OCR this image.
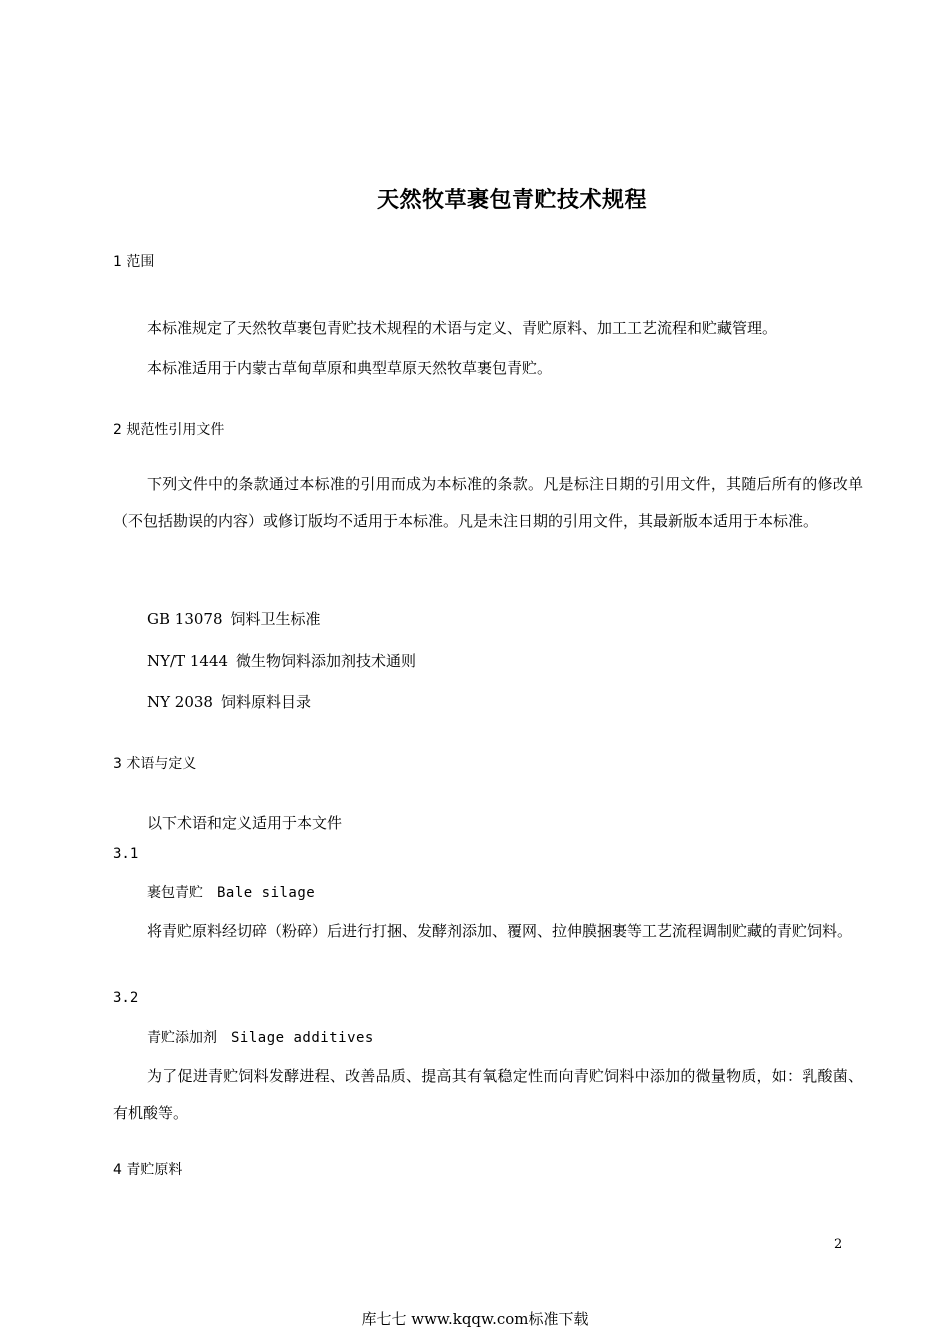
天然牧草裹包青贮技术规程
1 范围
本标准规定了天然牧草裹包青贮技术规程的术语与定义、青贮原料、加工工艺流程和贮藏管理。
本标准适用于内蒙古草甸草原和典型草原天然牧草裹包青贮。
2 规范性引用文件
下列文件中的条款通过本标准的引用而成为本标准的条款。凡是标注日期的引用文件，其随后所有的修改单（不包括勘误的内容）或修订版均不适用于本标准。凡是未注日期的引用文件，其最新版本适用于本标准。
GB 13078 饲料卫生标准
NY/T 1444 微生物饲料添加剂技术通则
NY 2038 饲料原料目录
3 术语与定义
以下术语和定义适用于本文件
3.1
裹包青贮 Bale silage
将青贮原料经切碎（粉碎）后进行打捆、发酵剂添加、覆网、拉伸膜捆裹等工艺流程调制贮藏的青贮饲料。
3.2
青贮添加剂 Silage additives
为了促进青贮饲料发酵进程、改善品质、提高其有氧稳定性而向青贮饲料中添加的微量物质，如：乳酸菌、有机酸等。
4 青贮原料
2
库七七 www.kqqw.com标准下载
